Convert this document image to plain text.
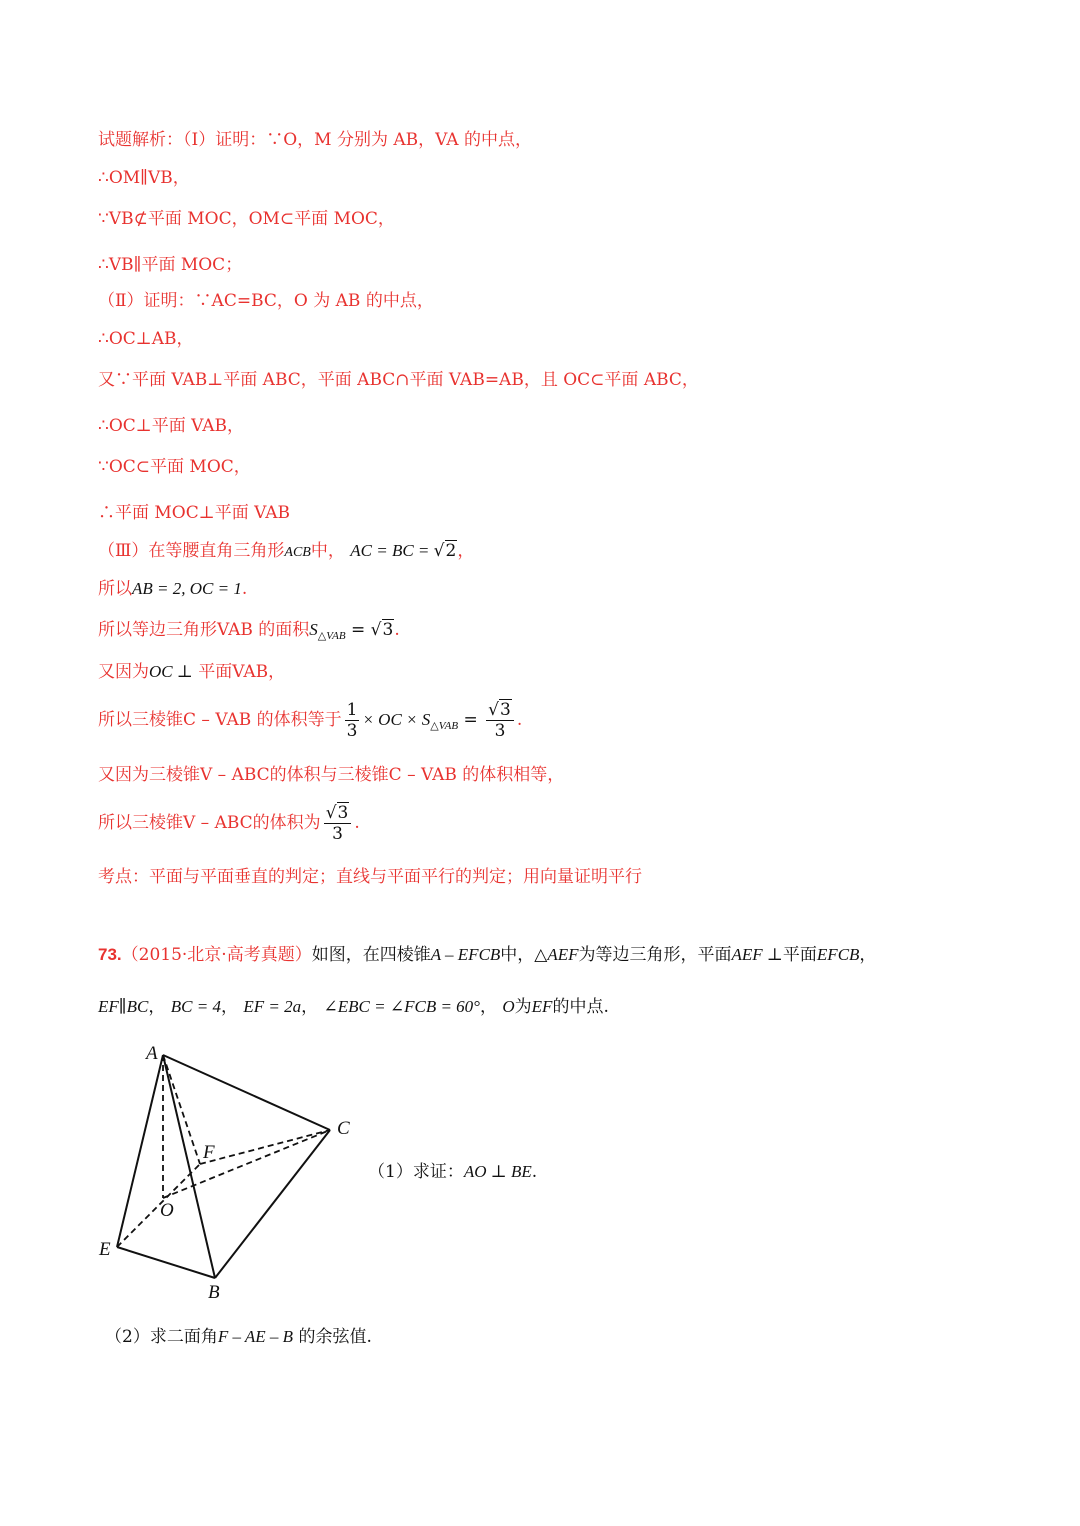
试题解析：（Ⅰ）证明：∵O，M 分别为 AB，VA 的中点，
∴OM∥VB，
∵VB⊄平面 MOC，OM⊂平面 MOC，
∴VB∥平面 MOC；
（Ⅱ）证明：∵AC=BC，O 为 AB 的中点，
∴OC⊥AB，
又∵平面 VAB⊥平面 ABC，平面 ABC∩平面 VAB=AB，且 OC⊂平面 ABC，
∴OC⊥平面 VAB，
∵OC⊂平面 MOC，
∴平面 MOC⊥平面 VAB
（Ⅲ）在等腰直角三角形ACB中， AC = BC = √2，
所以AB = 2, OC = 1.
所以等边三角形VAB 的面积$S_{\triangle VAB} = √3$.
又因为OC ⊥ 平面VAB，
所以三棱锥C – VAB 的体积等于 $\frac{1}{3}$ × OC × $S_{\triangle VAB} = \frac{√3}{3}$ .
又因为三棱锥V – ABC的体积与三棱锥C – VAB 的体积相等，
所以三棱锥V – ABC的体积为 $\frac{√3}{3}$ .
考点：平面与平面垂直的判定；直线与平面平行的判定；用向量证明平行
73.（2015·北京·高考真题）如图，在四棱锥A – EFCB中，△AEF为等边三角形，平面AEF ⊥平面EFCB，
EF∥BC， BC = 4， EF = 2a， ∠EBC = ∠FCB = 60°， O为EF的中点.
A
C
F
O
E
B
（1）求证：AO ⊥ BE.
（2）求二面角F – AE – B 的余弦值.
